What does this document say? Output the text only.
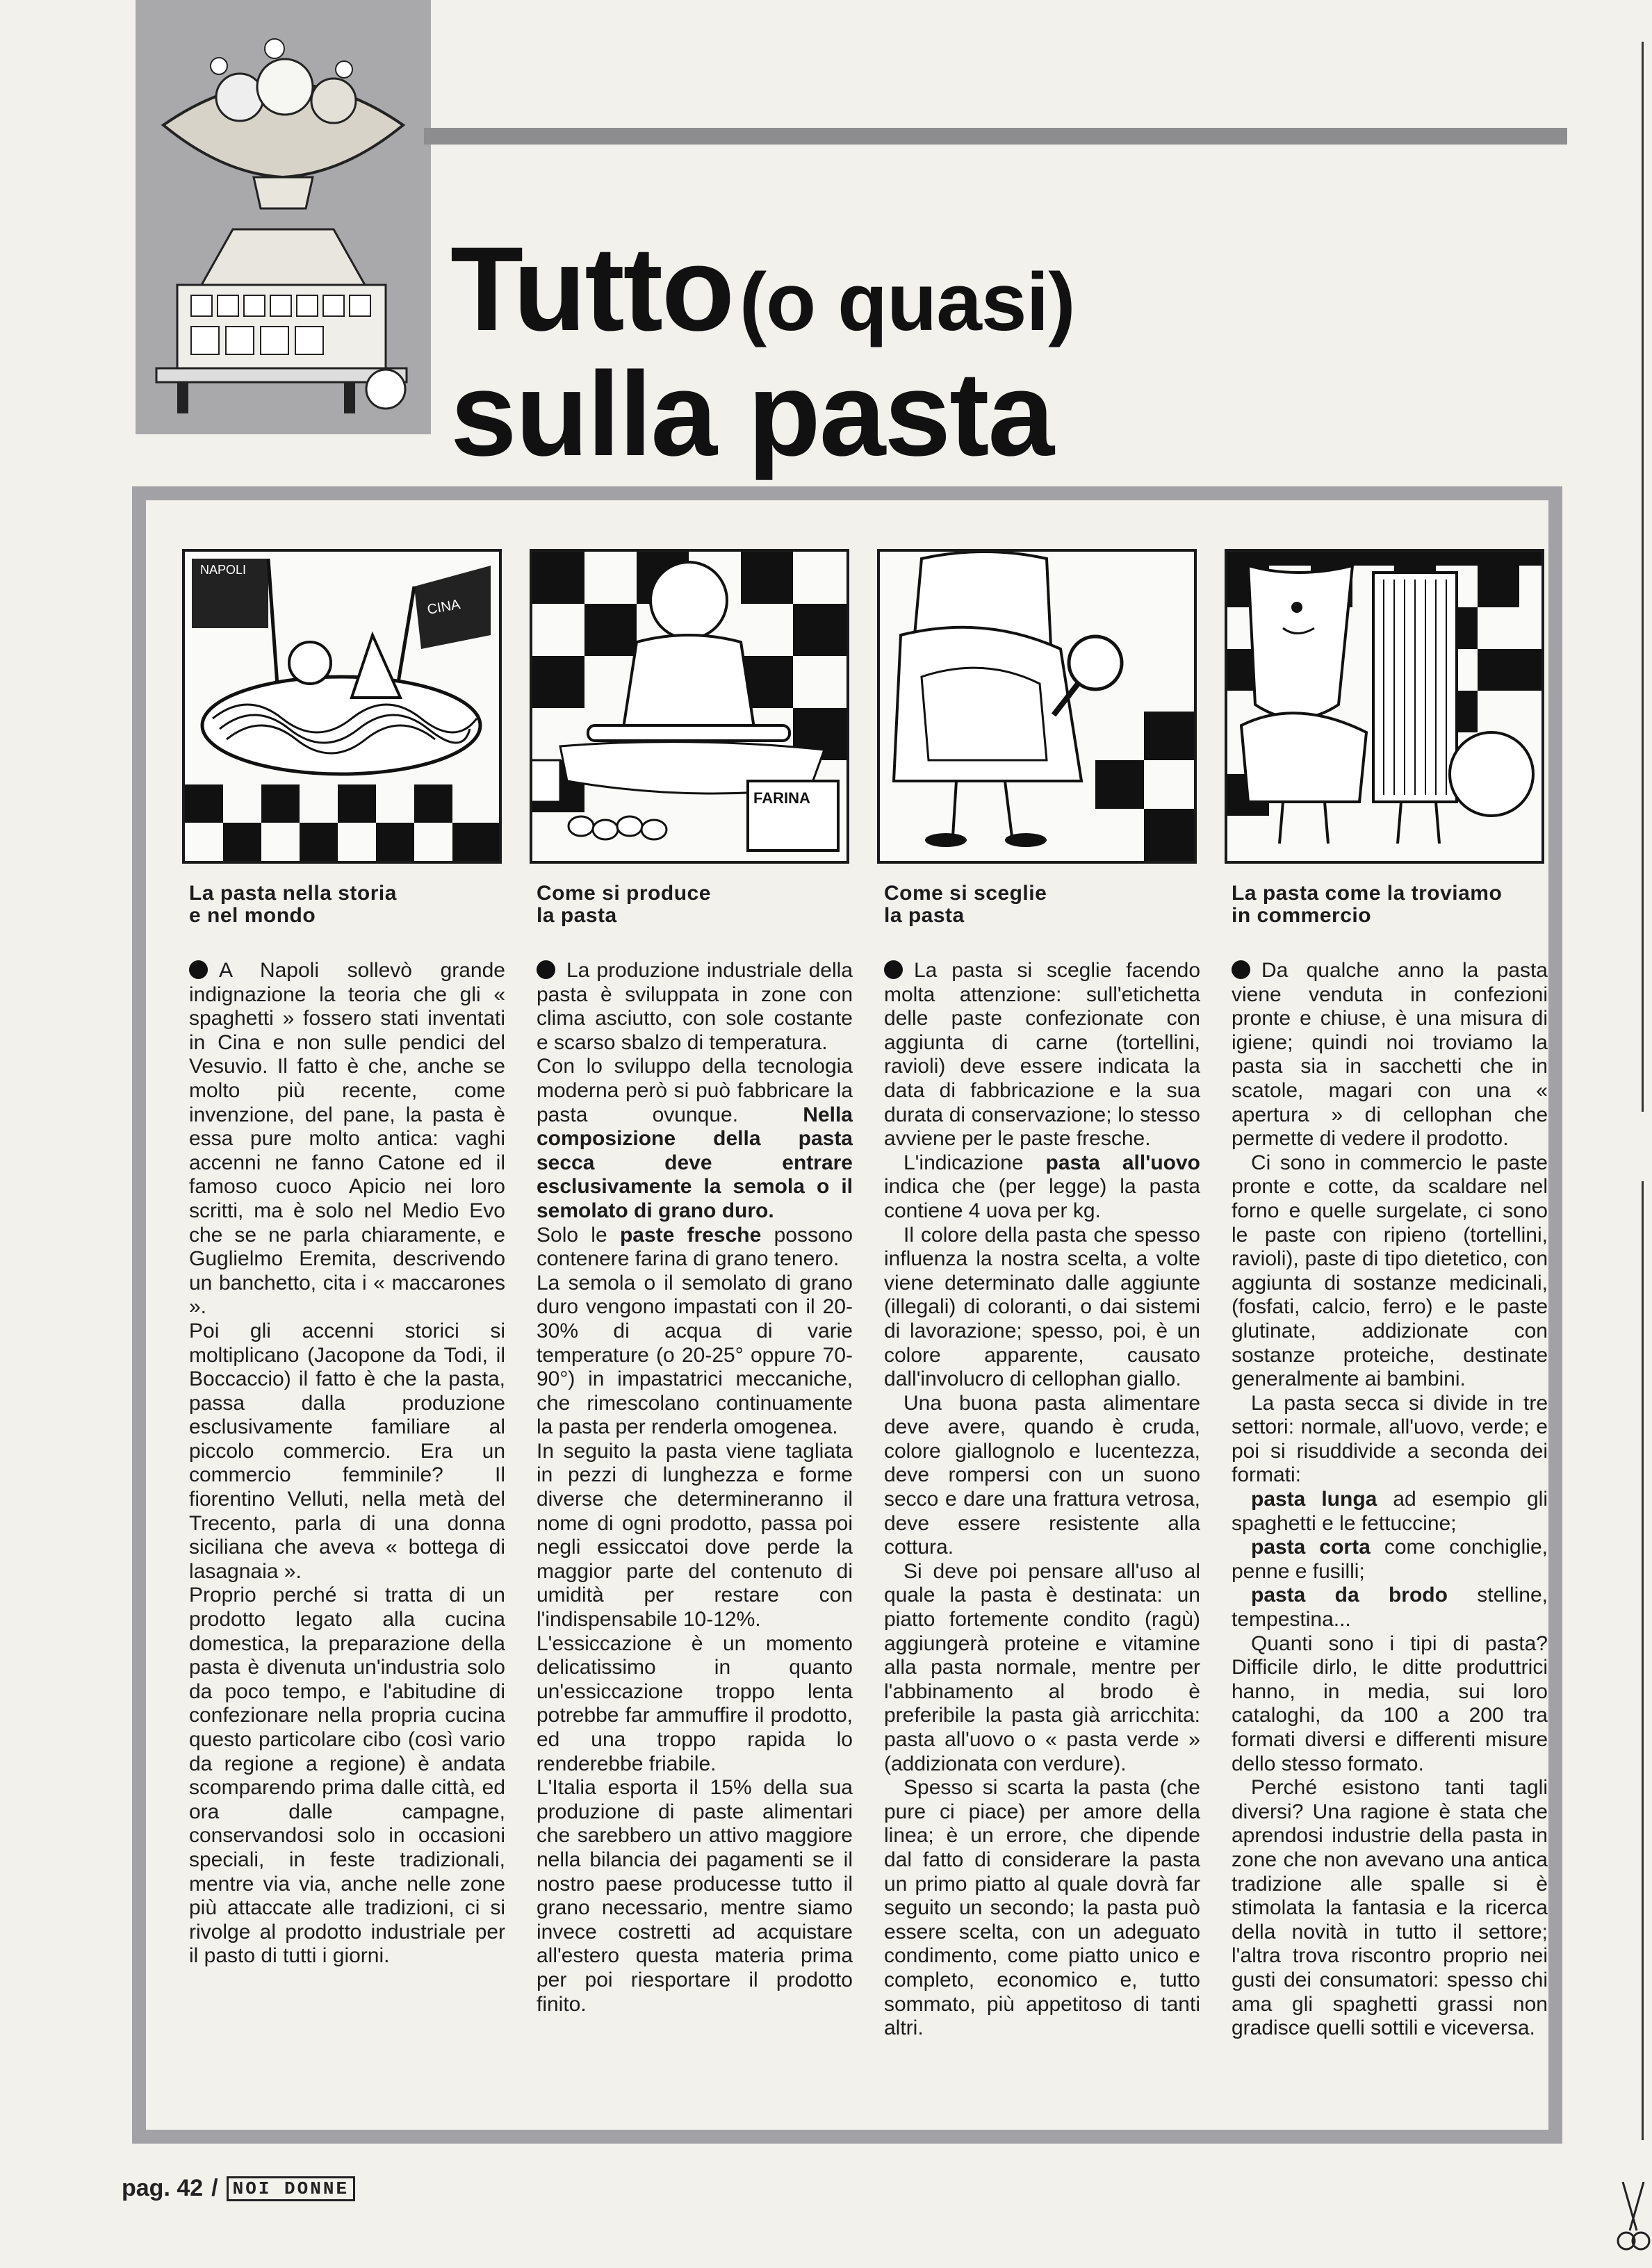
Tutto (o quasi)
sulla pasta
NAPOLI
CINA
FARINA
La pasta nella storia
e nel mondo

A Napoli sollevò grande indignazione la teoria che gli « spaghetti » fossero stati inventati in Cina e non sulle pendici del Vesuvio. Il fatto è che, anche se molto più recente, come invenzione, del pane, la pasta è essa pure molto antica: vaghi accenni ne fanno Catone ed il famoso cuoco Apicio nei loro scritti, ma è solo nel Medio Evo che se ne parla chiaramente, e Guglielmo Eremita, descrivendo un banchetto, cita i « maccarones ».

Poi gli accenni storici si moltiplicano (Jacopone da Todi, il Boccaccio) il fatto è che la pasta, passa dalla produzione esclusivamente familiare al piccolo commercio. Era un commercio femminile? Il fiorentino Velluti, nella metà del Trecento, parla di una donna siciliana che aveva « bottega di lasagnaia ».

Proprio perché si tratta di un prodotto legato alla cucina domestica, la preparazione della pasta è divenuta un'industria solo da poco tempo, e l'abitudine di confezionare nella propria cucina questo particolare cibo (così vario da regione a regione) è andata scomparendo prima dalle città, ed ora dalle campagne, conservandosi solo in occasioni speciali, in feste tradizionali, mentre via via, anche nelle zone più attaccate alle tradizioni, ci si rivolge al prodotto industriale per il pasto di tutti i giorni.

Come si produce
la pasta

La produzione industriale della pasta è sviluppata in zone con clima asciutto, con sole costante e scarso sbalzo di temperatura.

Con lo sviluppo della tecnologia moderna però si può fabbricare la pasta ovunque. Nella composizione della pasta secca deve entrare esclusivamente la semola o il semolato di grano duro.

Solo le paste fresche possono contenere farina di grano tenero.

La semola o il semolato di grano duro vengono impastati con il 20-30% di acqua di varie temperature (o 20-25° oppure 70-90°) in impastatrici meccaniche, che rimescolano continuamente la pasta per renderla omogenea.

In seguito la pasta viene tagliata in pezzi di lunghezza e forme diverse che determineranno il nome di ogni prodotto, passa poi negli essiccatoi dove perde la maggior parte del contenuto di umidità per restare con l'indispensabile 10-12%.

L'essiccazione è un momento delicatissimo in quanto un'essiccazione troppo lenta potrebbe far ammuffire il prodotto, ed una troppo rapida lo renderebbe friabile.

L'Italia esporta il 15% della sua produzione di paste alimentari che sarebbero un attivo maggiore nella bilancia dei pagamenti se il nostro paese producesse tutto il grano necessario, mentre siamo invece costretti ad acquistare all'estero questa materia prima per poi riesportare il prodotto finito.

Come si sceglie
la pasta

La pasta si sceglie facendo molta attenzione: sull'etichetta delle paste confezionate con aggiunta di carne (tortellini, ravioli) deve essere indicata la data di fabbricazione e la sua durata di conservazione; lo stesso avviene per le paste fresche.

L'indicazione pasta all'uovo indica che (per legge) la pasta contiene 4 uova per kg.

Il colore della pasta che spesso influenza la nostra scelta, a volte viene determinato dalle aggiunte (illegali) di coloranti, o dai sistemi di lavorazione; spesso, poi, è un colore apparente, causato dall'involucro di cellophan giallo.

Una buona pasta alimentare deve avere, quando è cruda, colore giallognolo e lucentezza, deve rompersi con un suono secco e dare una frattura vetrosa, deve essere resistente alla cottura.

Si deve poi pensare all'uso al quale la pasta è destinata: un piatto fortemente condito (ragù) aggiungerà proteine e vitamine alla pasta normale, mentre per l'abbinamento al brodo è preferibile la pasta già arricchita: pasta all'uovo o « pasta verde » (addizionata con verdure).

Spesso si scarta la pasta (che pure ci piace) per amore della linea; è un errore, che dipende dal fatto di considerare la pasta un primo piatto al quale dovrà far seguito un secondo; la pasta può essere scelta, con un adeguato condimento, come piatto unico e completo, economico e, tutto sommato, più appetitoso di tanti altri.

La pasta come la troviamo
in commercio

Da qualche anno la pasta viene venduta in confezioni pronte e chiuse, è una misura di igiene; quindi noi troviamo la pasta sia in sacchetti che in scatole, magari con una « apertura » di cellophan che permette di vedere il prodotto.

Ci sono in commercio le paste pronte e cotte, da scaldare nel forno e quelle surgelate, ci sono le paste con ripieno (tortellini, ravioli), paste di tipo dietetico, con aggiunta di sostanze medicinali, (fosfati, calcio, ferro) e le paste glutinate, addizionate con sostanze proteiche, destinate generalmente ai bambini.

La pasta secca si divide in tre settori: normale, all'uovo, verde; e poi si risuddivide a seconda dei formati:

pasta lunga ad esempio gli spaghetti e le fettuccine;

pasta corta come conchiglie, penne e fusilli;

pasta da brodo stelline, tempestina...

Quanti sono i tipi di pasta? Difficile dirlo, le ditte produttrici hanno, in media, sui loro cataloghi, da 100 a 200 tra formati diversi e differenti misure dello stesso formato.

Perché esistono tanti tagli diversi? Una ragione è stata che aprendosi industrie della pasta in zone che non avevano una antica tradizione alle spalle si è stimolata la fantasia e la ricerca della novità in tutto il settore; l'altra trova riscontro proprio nei gusti dei consumatori: spesso chi ama gli spaghetti grassi non gradisce quelli sottili e viceversa.

pag. 42 / NOI DONNE
